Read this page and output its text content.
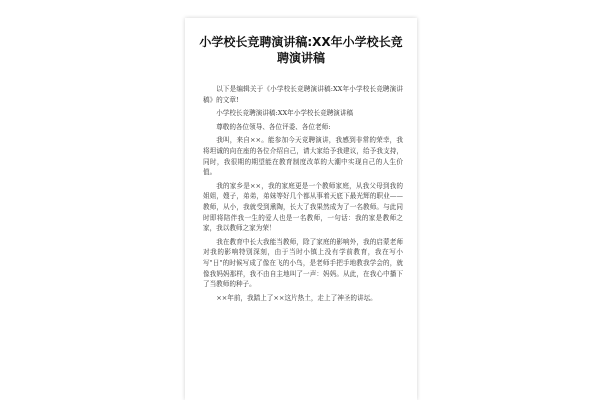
小学校长竞聘演讲稿:XX年小学校长竞聘演讲稿

以下是编辑关于《小学校长竞聘演讲稿:XX年小学校长竞聘演讲稿》的文章!

小学校长竞聘演讲稿:XX年小学校长竞聘演讲稿

尊敬的各位领导、各位评委、各位老师:

我叫，来自××。能参加今天竞聘演讲，我感到非常的荣幸，我将坦诚的向在座的各位介绍自己，请大家给予我建议，给予我支持，同时，我很期的期望能在教育制度改革的大潮中实现自己的人生价值。

我的家乡是××，我的家庭更是一个教师家庭，从我父母到我的姐姐，嫂子，弟弟，弟妹等好几个都从事着天底下最光辉的职业——教师，从小，我就受到熏陶，长大了我果然成为了一名教师。与此同时即将陪伴我一生的爱人也是一名教师，一句话：我的家是教师之家，我以教师之家为荣！

我在教育中长大我能当教师，除了家庭的影响外，我的启蒙老师对我的影响特别深刻，由于当时小镇上没有学前教育，我在写小写"日"的时候写成了像在飞的小鸟，是老师手把手地教我学会的，就像我妈妈那样，我不由自主地叫了一声：妈妈。从此，在我心中播下了当教师的种子。

××年前，我踏上了××这片热土，走上了神圣的讲坛。
